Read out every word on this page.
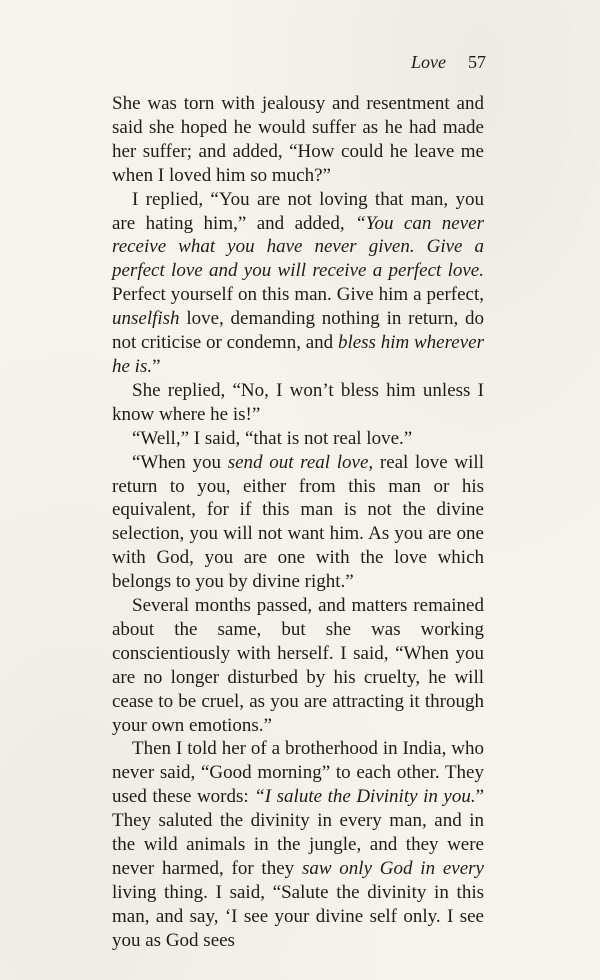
Love 57

She was torn with jealousy and resentment and said she hoped he would suffer as he had made her suffer; and added, “How could he leave me when I loved him so much?”

I replied, “You are not loving that man, you are hating him,” and added, “You can never receive what you have never given. Give a perfect love and you will receive a perfect love. Perfect yourself on this man. Give him a perfect, unselfish love, demanding nothing in return, do not criticise or condemn, and bless him wherever he is.”

She replied, “No, I won’t bless him unless I know where he is!”

“Well,” I said, “that is not real love.”

“When you send out real love, real love will return to you, either from this man or his equivalent, for if this man is not the divine selection, you will not want him. As you are one with God, you are one with the love which belongs to you by divine right.”

Several months passed, and matters remained about the same, but she was working conscientiously with herself. I said, “When you are no longer disturbed by his cruelty, he will cease to be cruel, as you are attracting it through your own emotions.”

Then I told her of a brotherhood in India, who never said, “Good morning” to each other. They used these words: “I salute the Divinity in you.” They saluted the divinity in every man, and in the wild animals in the jungle, and they were never harmed, for they saw only God in every living thing. I said, “Salute the divinity in this man, and say, ‘I see your divine self only. I see you as God sees
